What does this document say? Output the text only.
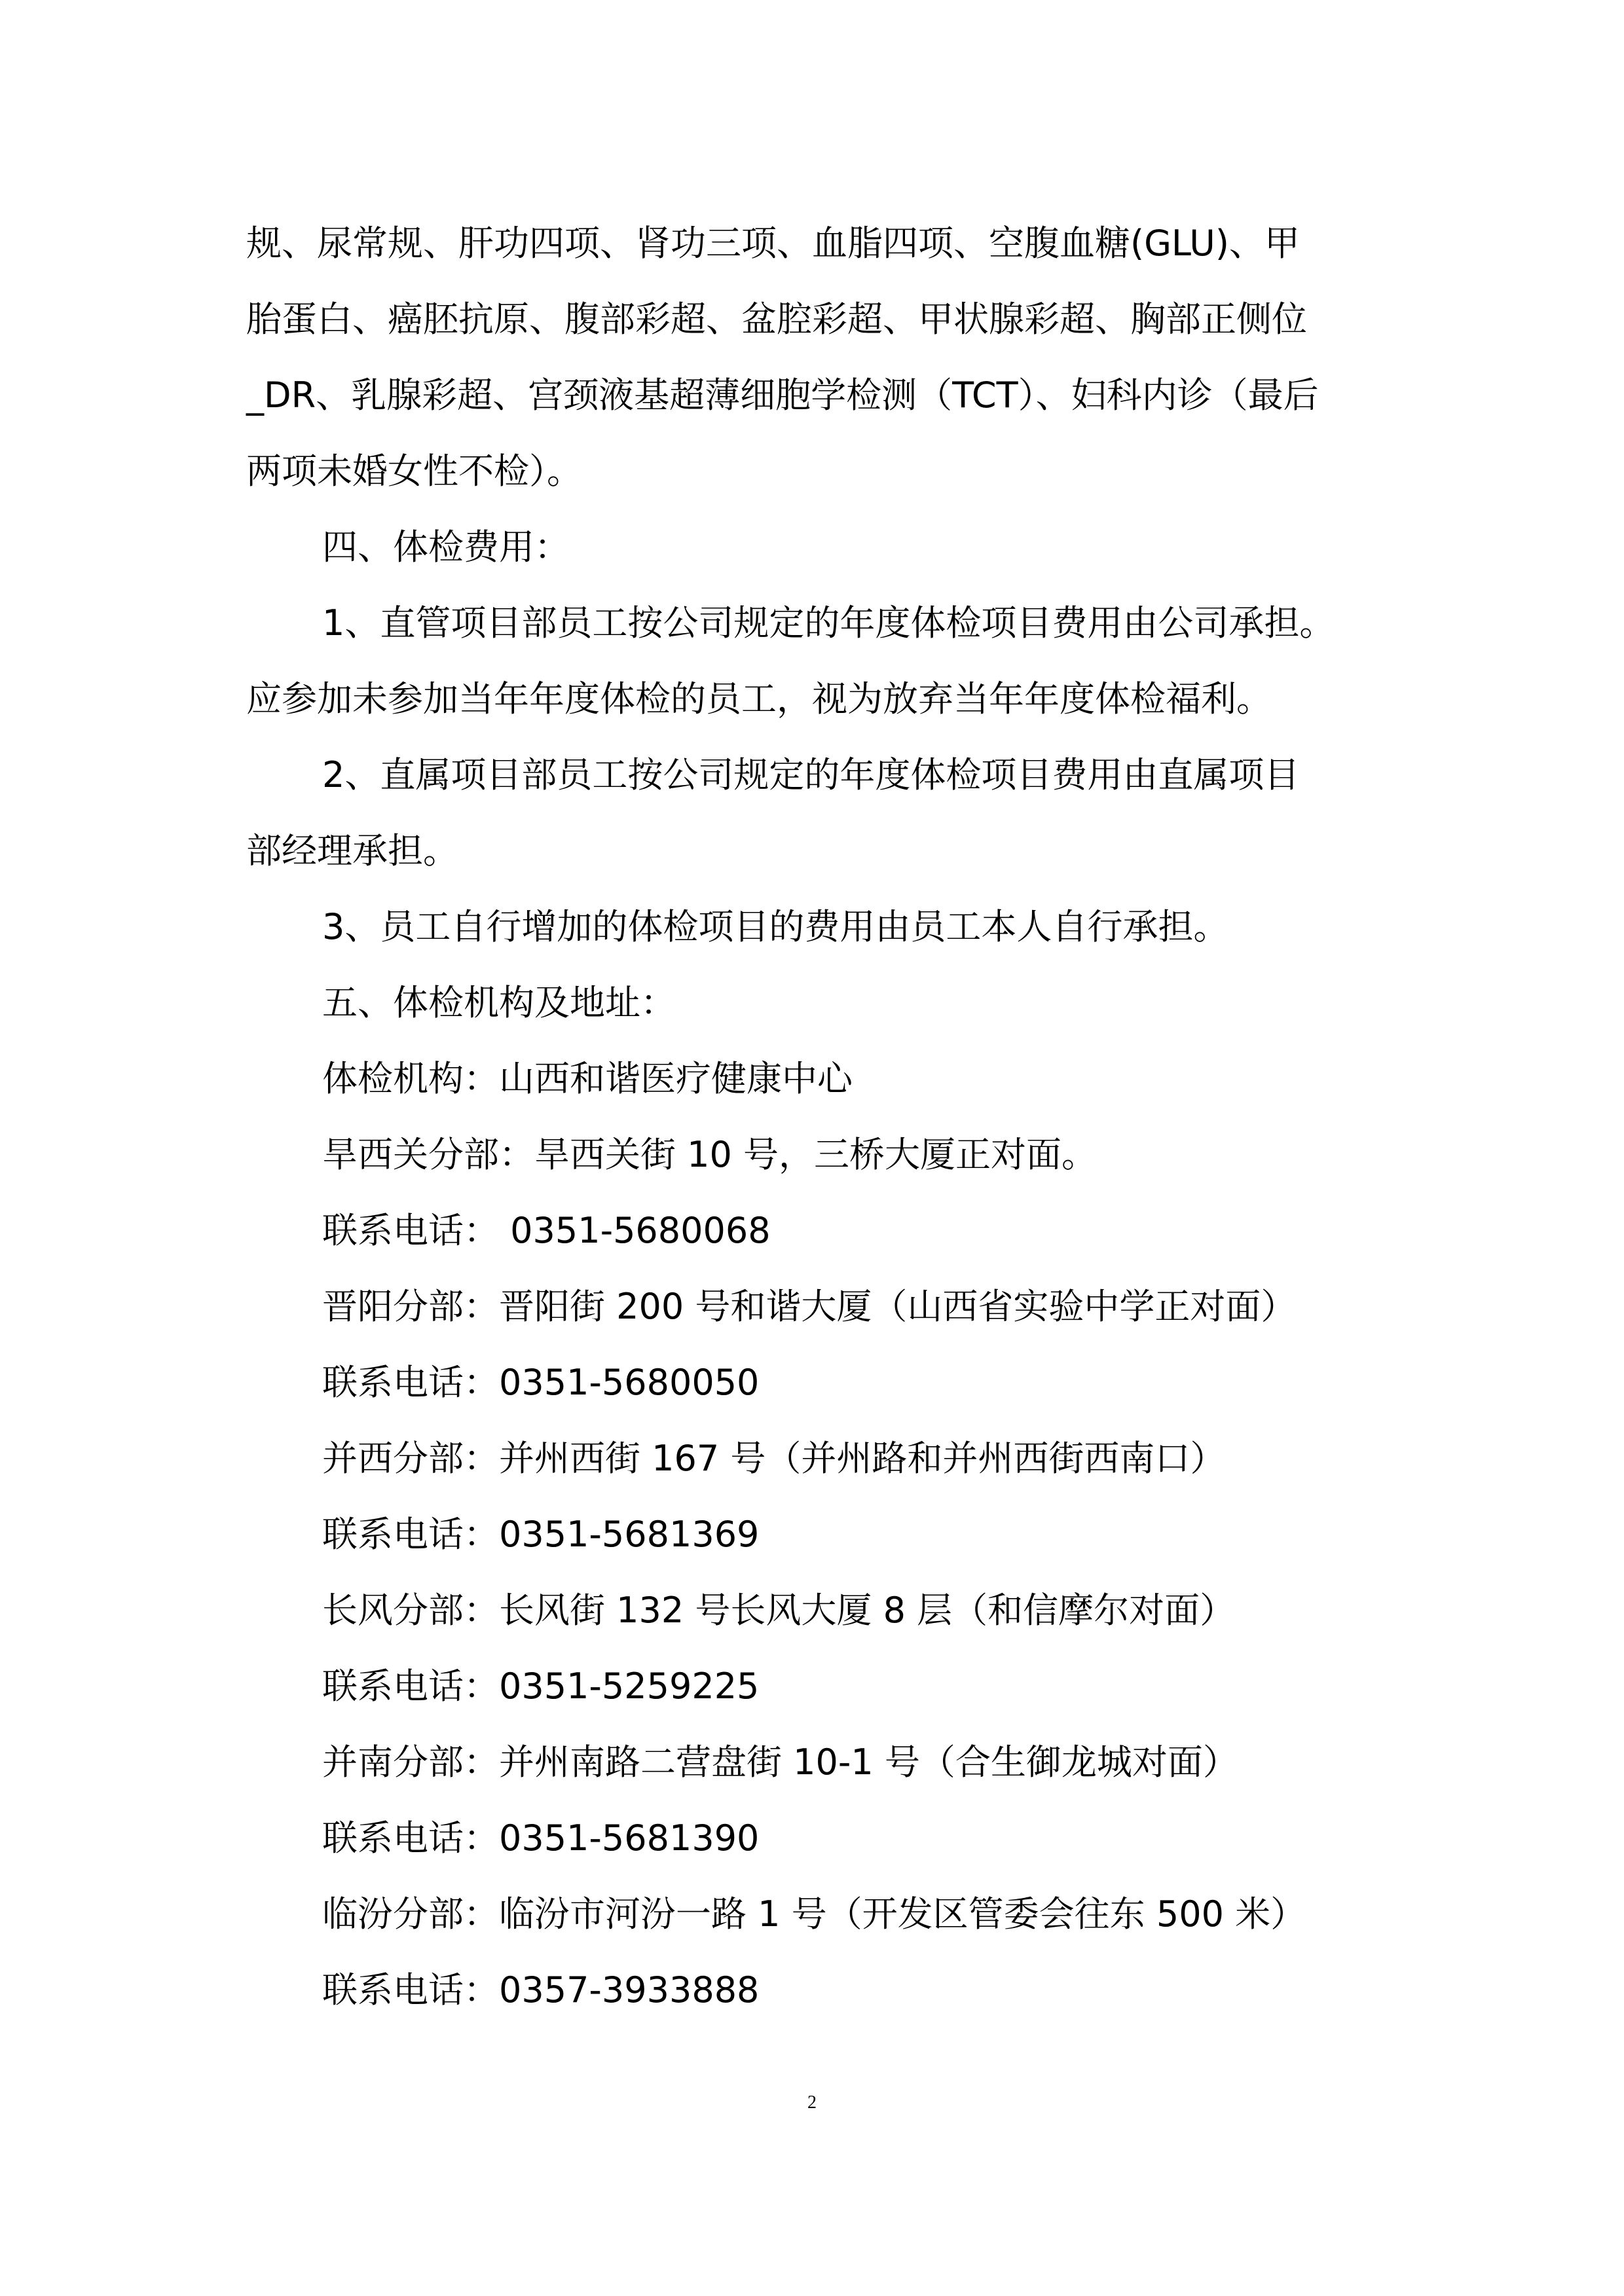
规、尿常规、肝功四项、肾功三项、血脂四项、空腹血糖(GLU)、甲
胎蛋白、癌胚抗原、腹部彩超、盆腔彩超、甲状腺彩超、胸部正侧位
_DR、乳腺彩超、宫颈液基超薄细胞学检测（TCT）、妇科内诊（最后
两项未婚女性不检）。
四、体检费用：
1、直管项目部员工按公司规定的年度体检项目费用由公司承担。
应参加未参加当年年度体检的员工，视为放弃当年年度体检福利。
2、直属项目部员工按公司规定的年度体检项目费用由直属项目
部经理承担。
3、员工自行增加的体检项目的费用由员工本人自行承担。
五、体检机构及地址：
体检机构：山西和谐医疗健康中心
旱西关分部：旱西关街 10 号，三桥大厦正对面。
联系电话： 0351-5680068
晋阳分部：晋阳街 200 号和谐大厦（山西省实验中学正对面）
联系电话：0351-5680050
并西分部：并州西街 167 号（并州路和并州西街西南口）
联系电话：0351-5681369
长风分部：长风街 132 号长风大厦 8 层（和信摩尔对面）
联系电话：0351-5259225
并南分部：并州南路二营盘街 10-1 号（合生御龙城对面）
联系电话：0351-5681390
临汾分部：临汾市河汾一路 1 号（开发区管委会往东 500 米）
联系电话：0357-3933888
2
